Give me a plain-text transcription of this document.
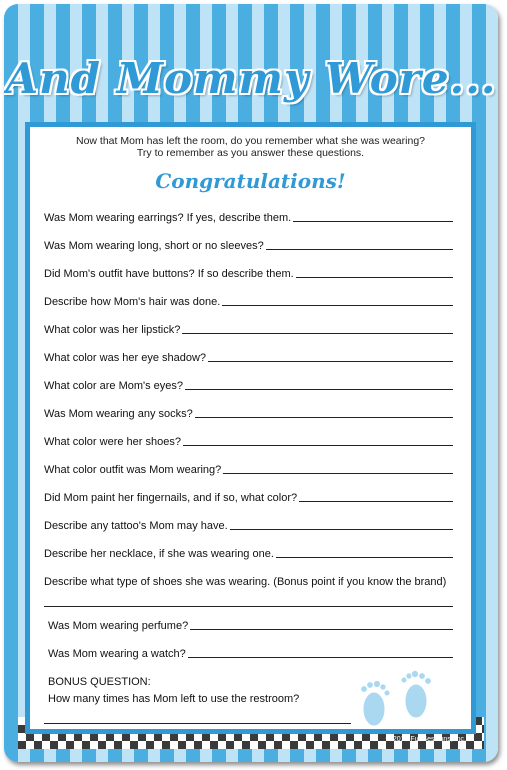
And Mommy Wore...
Now that Mom has left the room, do you remember what she was wearing?
Try to remember as you answer these questions.
Congratulations!
Was Mom wearing earrings? If yes, describe them.
Was Mom wearing long, short or no sleeves?
Did Mom's outfit have buttons? If so describe them.
Describe how Mom's hair was done.
What color was her lipstick?
What color was her eye shadow?
What color are Mom's eyes?
Was Mom wearing any socks?
What color were her shoes?
What color outfit was Mom wearing?
Did Mom paint her fingernails, and if so, what color?
Describe any tattoo's Mom may have.
Describe her necklace, if she was wearing one.
Describe what type of shoes she was wearing. (Bonus point if you know the brand)
Was Mom wearing perfume?
Was Mom wearing a watch?
BONUS QUESTION:
How many times has Mom left to use the restroom?
© 2013 FunSessions, Inc.
